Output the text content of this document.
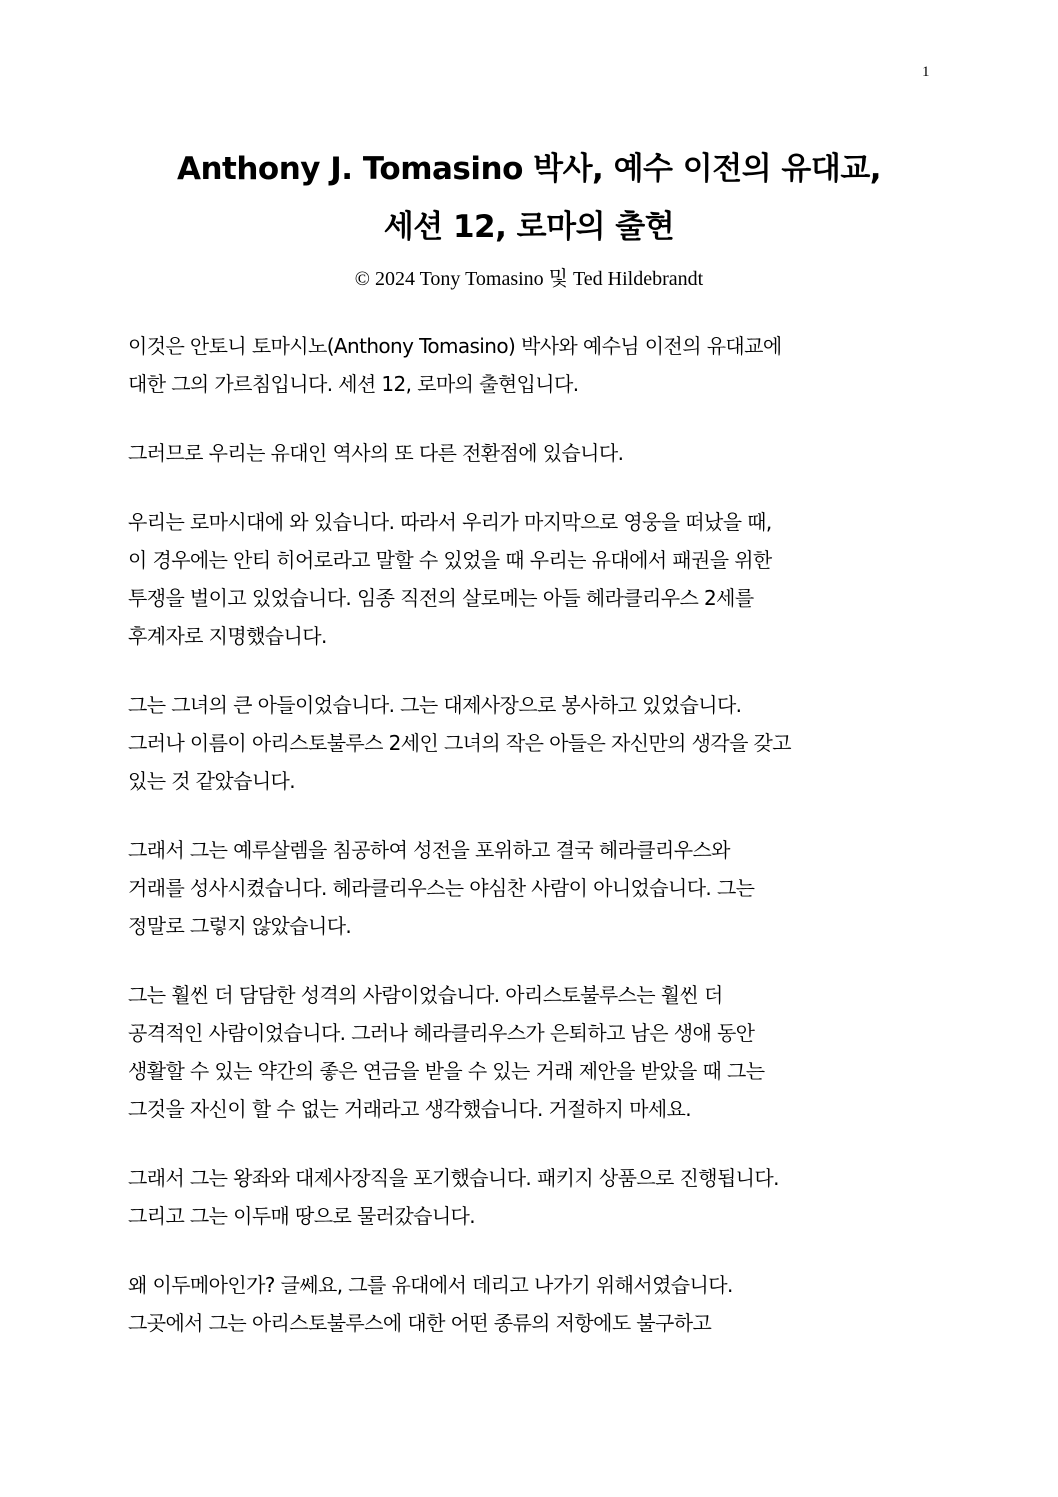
1
Anthony J. Tomasino 박사, 예수 이전의 유대교,
세션 12, 로마의 출현
© 2024 Tony Tomasino 및 Ted Hildebrandt
이것은 안토니 토마시노(Anthony Tomasino) 박사와 예수님 이전의 유대교에
대한 그의 가르침입니다. 세션 12, 로마의 출현입니다.
그러므로 우리는 유대인 역사의 또 다른 전환점에 있습니다.
우리는 로마시대에 와 있습니다. 따라서 우리가 마지막으로 영웅을 떠났을 때,
이 경우에는 안티 히어로라고 말할 수 있었을 때 우리는 유대에서 패권을 위한
투쟁을 벌이고 있었습니다. 임종 직전의 살로메는 아들 헤라클리우스 2세를
후계자로 지명했습니다.
그는 그녀의 큰 아들이었습니다. 그는 대제사장으로 봉사하고 있었습니다.
그러나 이름이 아리스토불루스 2세인 그녀의 작은 아들은 자신만의 생각을 갖고
있는 것 같았습니다.
그래서 그는 예루살렘을 침공하여 성전을 포위하고 결국 헤라클리우스와
거래를 성사시켰습니다. 헤라클리우스는 야심찬 사람이 아니었습니다. 그는
정말로 그렇지 않았습니다.
그는 훨씬 더 담담한 성격의 사람이었습니다. 아리스토불루스는 훨씬 더
공격적인 사람이었습니다. 그러나 헤라클리우스가 은퇴하고 남은 생애 동안
생활할 수 있는 약간의 좋은 연금을 받을 수 있는 거래 제안을 받았을 때 그는
그것을 자신이 할 수 없는 거래라고 생각했습니다. 거절하지 마세요.
그래서 그는 왕좌와 대제사장직을 포기했습니다. 패키지 상품으로 진행됩니다.
그리고 그는 이두매 땅으로 물러갔습니다.
왜 이두메아인가? 글쎄요, 그를 유대에서 데리고 나가기 위해서였습니다.
그곳에서 그는 아리스토불루스에 대한 어떤 종류의 저항에도 불구하고
